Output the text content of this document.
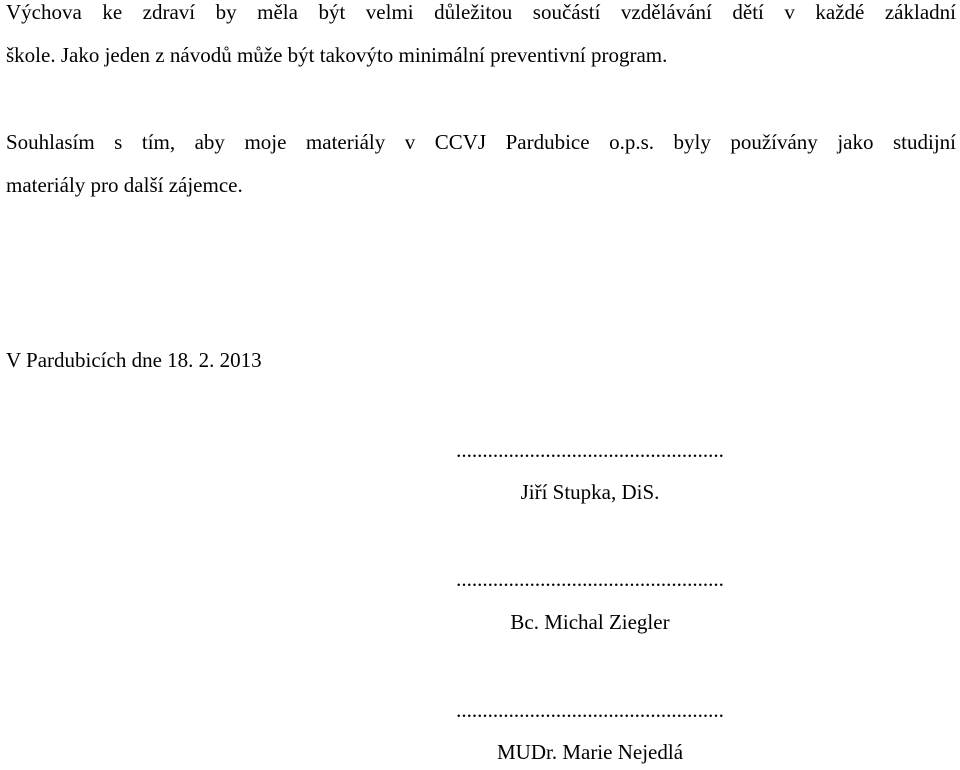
Výchova ke zdraví by měla být velmi důležitou součástí vzdělávání dětí v každé základní
škole. Jako jeden z návodů může být takovýto minimální preventivní program.
Souhlasím s tím, aby moje materiály v CCVJ Pardubice o.p.s. byly používány jako studijní
materiály pro další zájemce.
V Pardubicích dne 18. 2. 2013
...................................................
Jiří Stupka, DiS.
...................................................
Bc. Michal Ziegler
...................................................
MUDr. Marie Nejedlá
